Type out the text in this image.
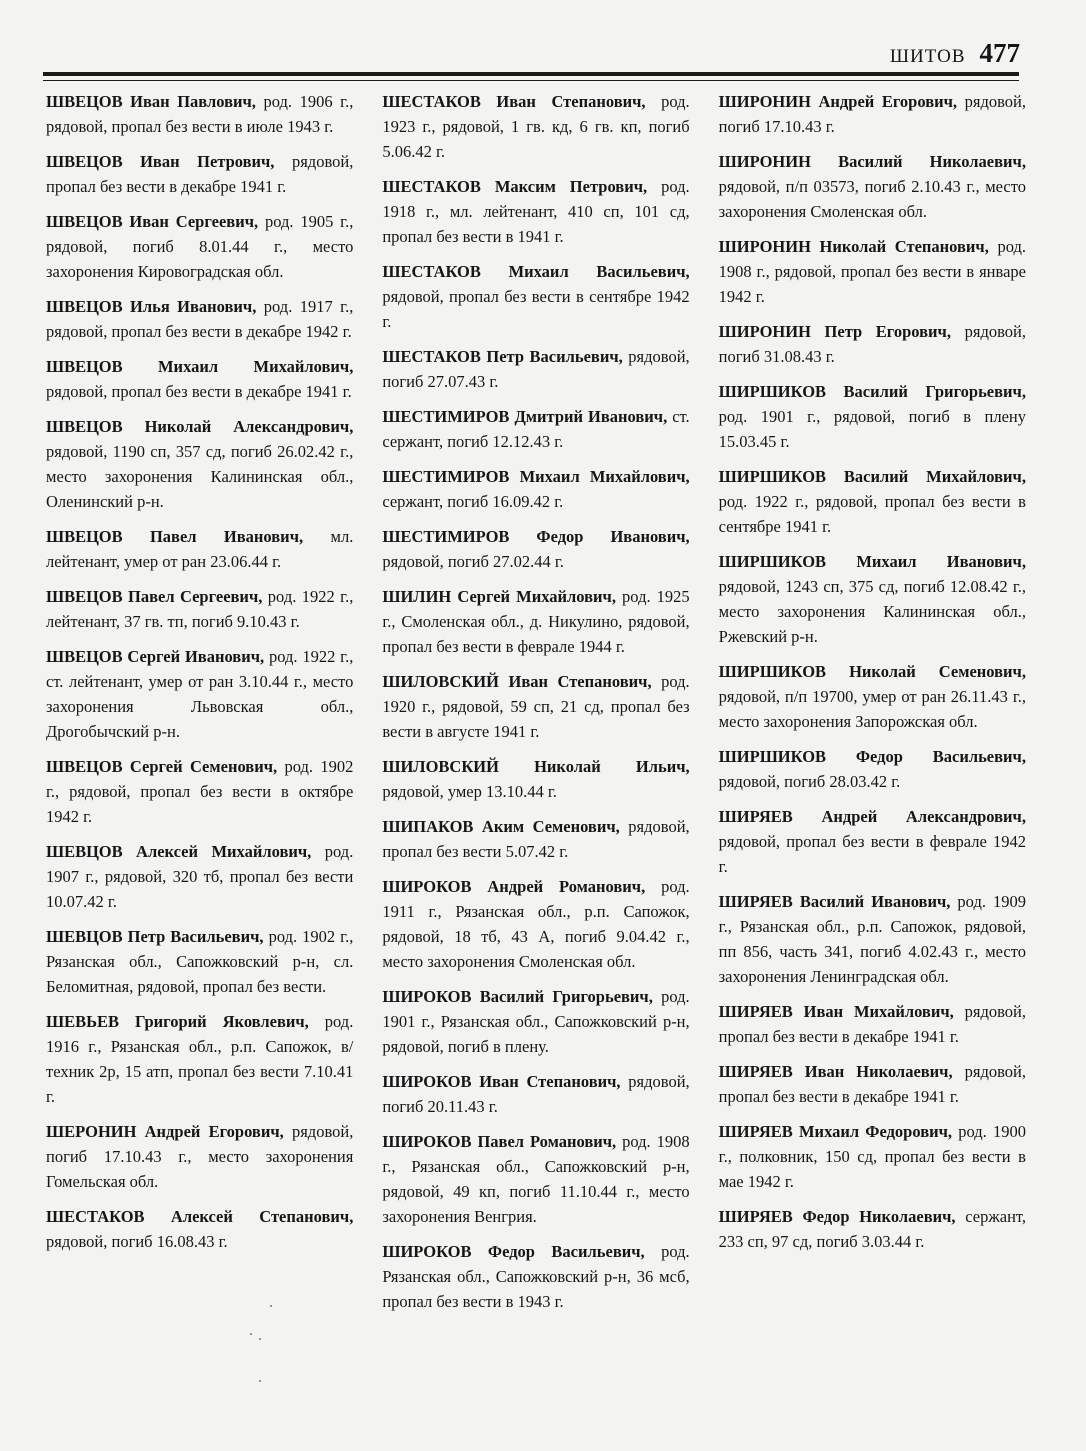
ШИТОВ 477

ШВЕЦОВ Иван Павлович, род. 1906 г., рядовой, пропал без вести в июле 1943 г.

ШВЕЦОВ Иван Петрович, рядовой, пропал без вести в декабре 1941 г.

ШВЕЦОВ Иван Сергеевич, род. 1905 г., рядовой, погиб 8.01.44 г., место захоронения Кировоградская обл.

ШВЕЦОВ Илья Иванович, род. 1917 г., рядовой, пропал без вести в декабре 1942 г.

ШВЕЦОВ Михаил Михайлович, рядовой, пропал без вести в декабре 1941 г.

ШВЕЦОВ Николай Александрович, рядовой, 1190 сп, 357 сд, погиб 26.02.42 г., место захоронения Калининская обл., Оленинский р-н.

ШВЕЦОВ Павел Иванович, мл. лейтенант, умер от ран 23.06.44 г.

ШВЕЦОВ Павел Сергеевич, род. 1922 г., лейтенант, 37 гв. тп, погиб 9.10.43 г.

ШВЕЦОВ Сергей Иванович, род. 1922 г., ст. лейтенант, умер от ран 3.10.44 г., место захоронения Львовская обл., Дрогобычский р-н.

ШВЕЦОВ Сергей Семенович, род. 1902 г., рядовой, пропал без вести в октябре 1942 г.

ШЕВЦОВ Алексей Михайлович, род. 1907 г., рядовой, 320 тб, пропал без вести 10.07.42 г.

ШЕВЦОВ Петр Васильевич, род. 1902 г., Рязанская обл., Сапожковский р-н, сл. Беломитная, рядовой, пропал без вести.

ШЕВЬЕВ Григорий Яковлевич, род. 1916 г., Рязанская обл., р.п. Сапожок, в/техник 2р, 15 атп, пропал без вести 7.10.41 г.

ШЕРОНИН Андрей Егорович, рядовой, погиб 17.10.43 г., место захоронения Гомельская обл.

ШЕСТАКОВ Алексей Степанович, рядовой, погиб 16.08.43 г.

ШЕСТАКОВ Иван Степанович, род. 1923 г., рядовой, 1 гв. кд, 6 гв. кп, погиб 5.06.42 г.

ШЕСТАКОВ Максим Петрович, род. 1918 г., мл. лейтенант, 410 сп, 101 сд, пропал без вести в 1941 г.

ШЕСТАКОВ Михаил Васильевич, рядовой, пропал без вести в сентябре 1942 г.

ШЕСТАКОВ Петр Васильевич, рядовой, погиб 27.07.43 г.

ШЕСТИМИРОВ Дмитрий Иванович, ст. сержант, погиб 12.12.43 г.

ШЕСТИМИРОВ Михаил Михайлович, сержант, погиб 16.09.42 г.

ШЕСТИМИРОВ Федор Иванович, рядовой, погиб 27.02.44 г.

ШИЛИН Сергей Михайлович, род. 1925 г., Смоленская обл., д. Никулино, рядовой, пропал без вести в феврале 1944 г.

ШИЛОВСКИЙ Иван Степанович, род. 1920 г., рядовой, 59 сп, 21 сд, пропал без вести в августе 1941 г.

ШИЛОВСКИЙ Николай Ильич, рядовой, умер 13.10.44 г.

ШИПАКОВ Аким Семенович, рядовой, пропал без вести 5.07.42 г.

ШИРОКОВ Андрей Романович, род. 1911 г., Рязанская обл., р.п. Сапожок, рядовой, 18 тб, 43 А, погиб 9.04.42 г., место захоронения Смоленская обл.

ШИРОКОВ Василий Григорьевич, род. 1901 г., Рязанская обл., Сапожковский р-н, рядовой, погиб в плену.

ШИРОКОВ Иван Степанович, рядовой, погиб 20.11.43 г.

ШИРОКОВ Павел Романович, род. 1908 г., Рязанская обл., Сапожковский р-н, рядовой, 49 кп, погиб 11.10.44 г., место захоронения Венгрия.

ШИРОКОВ Федор Васильевич, род. Рязанская обл., Сапожковский р-н, 36 мсб, пропал без вести в 1943 г.

ШИРОНИН Андрей Егорович, рядовой, погиб 17.10.43 г.

ШИРОНИН Василий Николаевич, рядовой, п/п 03573, погиб 2.10.43 г., место захоронения Смоленская обл.

ШИРОНИН Николай Степанович, род. 1908 г., рядовой, пропал без вести в январе 1942 г.

ШИРОНИН Петр Егорович, рядовой, погиб 31.08.43 г.

ШИРШИКОВ Василий Григорьевич, род. 1901 г., рядовой, погиб в плену 15.03.45 г.

ШИРШИКОВ Василий Михайлович, род. 1922 г., рядовой, пропал без вести в сентябре 1941 г.

ШИРШИКОВ Михаил Иванович, рядовой, 1243 сп, 375 сд, погиб 12.08.42 г., место захоронения Калининская обл., Ржевский р-н.

ШИРШИКОВ Николай Семенович, рядовой, п/п 19700, умер от ран 26.11.43 г., место захоронения Запорожская обл.

ШИРШИКОВ Федор Васильевич, рядовой, погиб 28.03.42 г.

ШИРЯЕВ Андрей Александрович, рядовой, пропал без вести в феврале 1942 г.

ШИРЯЕВ Василий Иванович, род. 1909 г., Рязанская обл., р.п. Сапожок, рядовой, пп 856, часть 341, погиб 4.02.43 г., место захоронения Ленинградская обл.

ШИРЯЕВ Иван Михайлович, рядовой, пропал без вести в декабре 1941 г.

ШИРЯЕВ Иван Николаевич, рядовой, пропал без вести в декабре 1941 г.

ШИРЯЕВ Михаил Федорович, род. 1900 г., полковник, 150 сд, пропал без вести в мае 1942 г.

ШИРЯЕВ Федор Николаевич, сержант, 233 сп, 97 сд, погиб 3.03.44 г.
